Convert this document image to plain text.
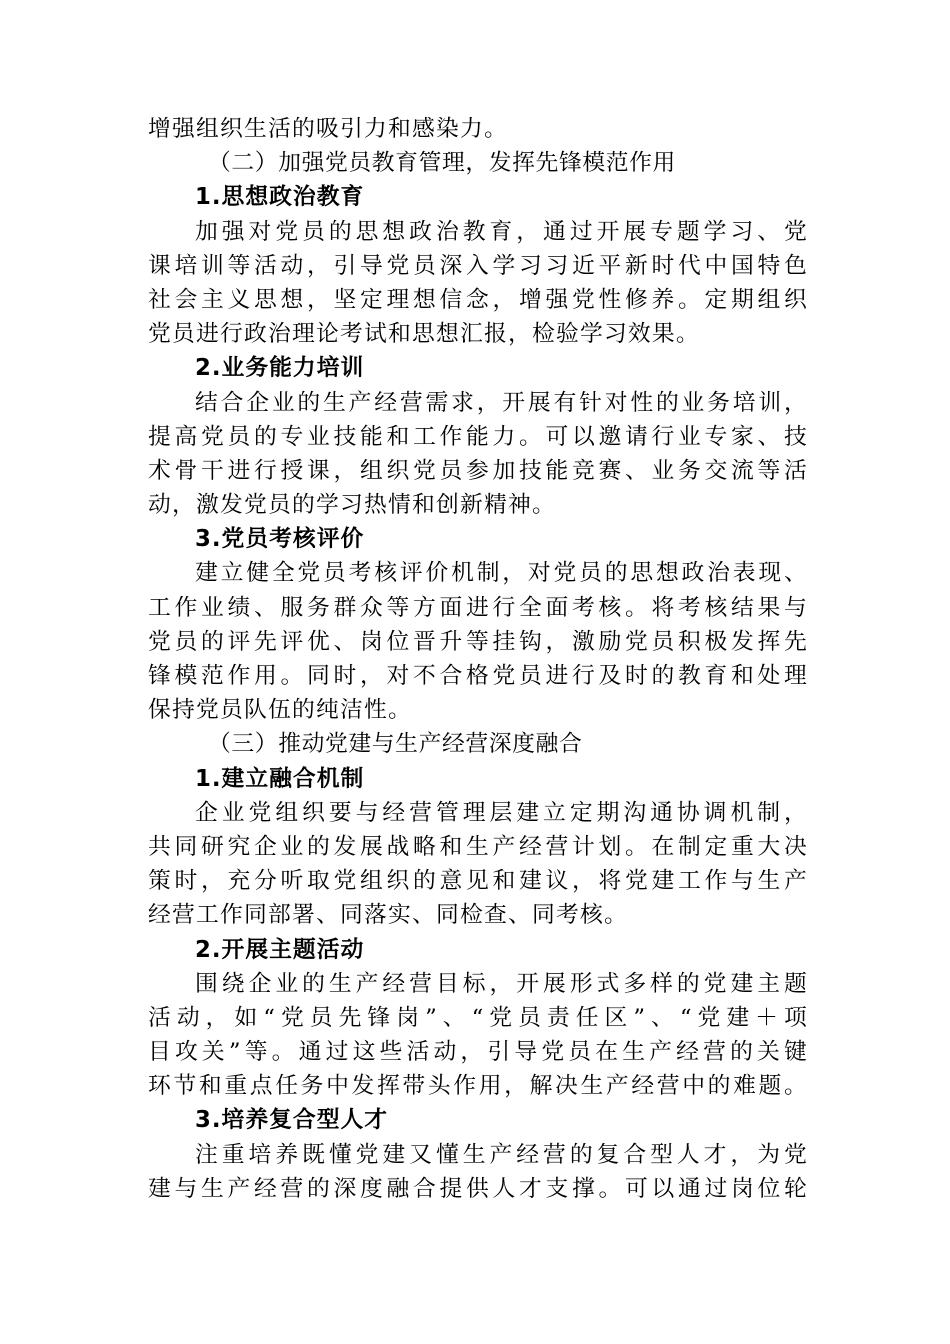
增强组织生活的吸引力和感染力。
（二）加强党员教育管理，发挥先锋模范作用
1.思想政治教育
加强对党员的思想政治教育，通过开展专题学习、党
课培训等活动，引导党员深入学习习近平新时代中国特色
社会主义思想，坚定理想信念，增强党性修养。定期组织
党员进行政治理论考试和思想汇报，检验学习效果。
2.业务能力培训
结合企业的生产经营需求，开展有针对性的业务培训，
提高党员的专业技能和工作能力。可以邀请行业专家、技
术骨干进行授课，组织党员参加技能竞赛、业务交流等活
动，激发党员的学习热情和创新精神。
3.党员考核评价
建立健全党员考核评价机制，对党员的思想政治表现、
工作业绩、服务群众等方面进行全面考核。将考核结果与
党员的评先评优、岗位晋升等挂钩，激励党员积极发挥先
锋模范作用。同时，对不合格党员进行及时的教育和处理
保持党员队伍的纯洁性。
（三）推动党建与生产经营深度融合
1.建立融合机制
企业党组织要与经营管理层建立定期沟通协调机制，
共同研究企业的发展战略和生产经营计划。在制定重大决
策时，充分听取党组织的意见和建议，将党建工作与生产
经营工作同部署、同落实、同检查、同考核。
2.开展主题活动
围绕企业的生产经营目标，开展形式多样的党建主题
活动，如“党员先锋岗”、“党员责任区”、“党建＋项
目攻关”等。通过这些活动，引导党员在生产经营的关键
环节和重点任务中发挥带头作用，解决生产经营中的难题。
3.培养复合型人才
注重培养既懂党建又懂生产经营的复合型人才，为党
建与生产经营的深度融合提供人才支撑。可以通过岗位轮
